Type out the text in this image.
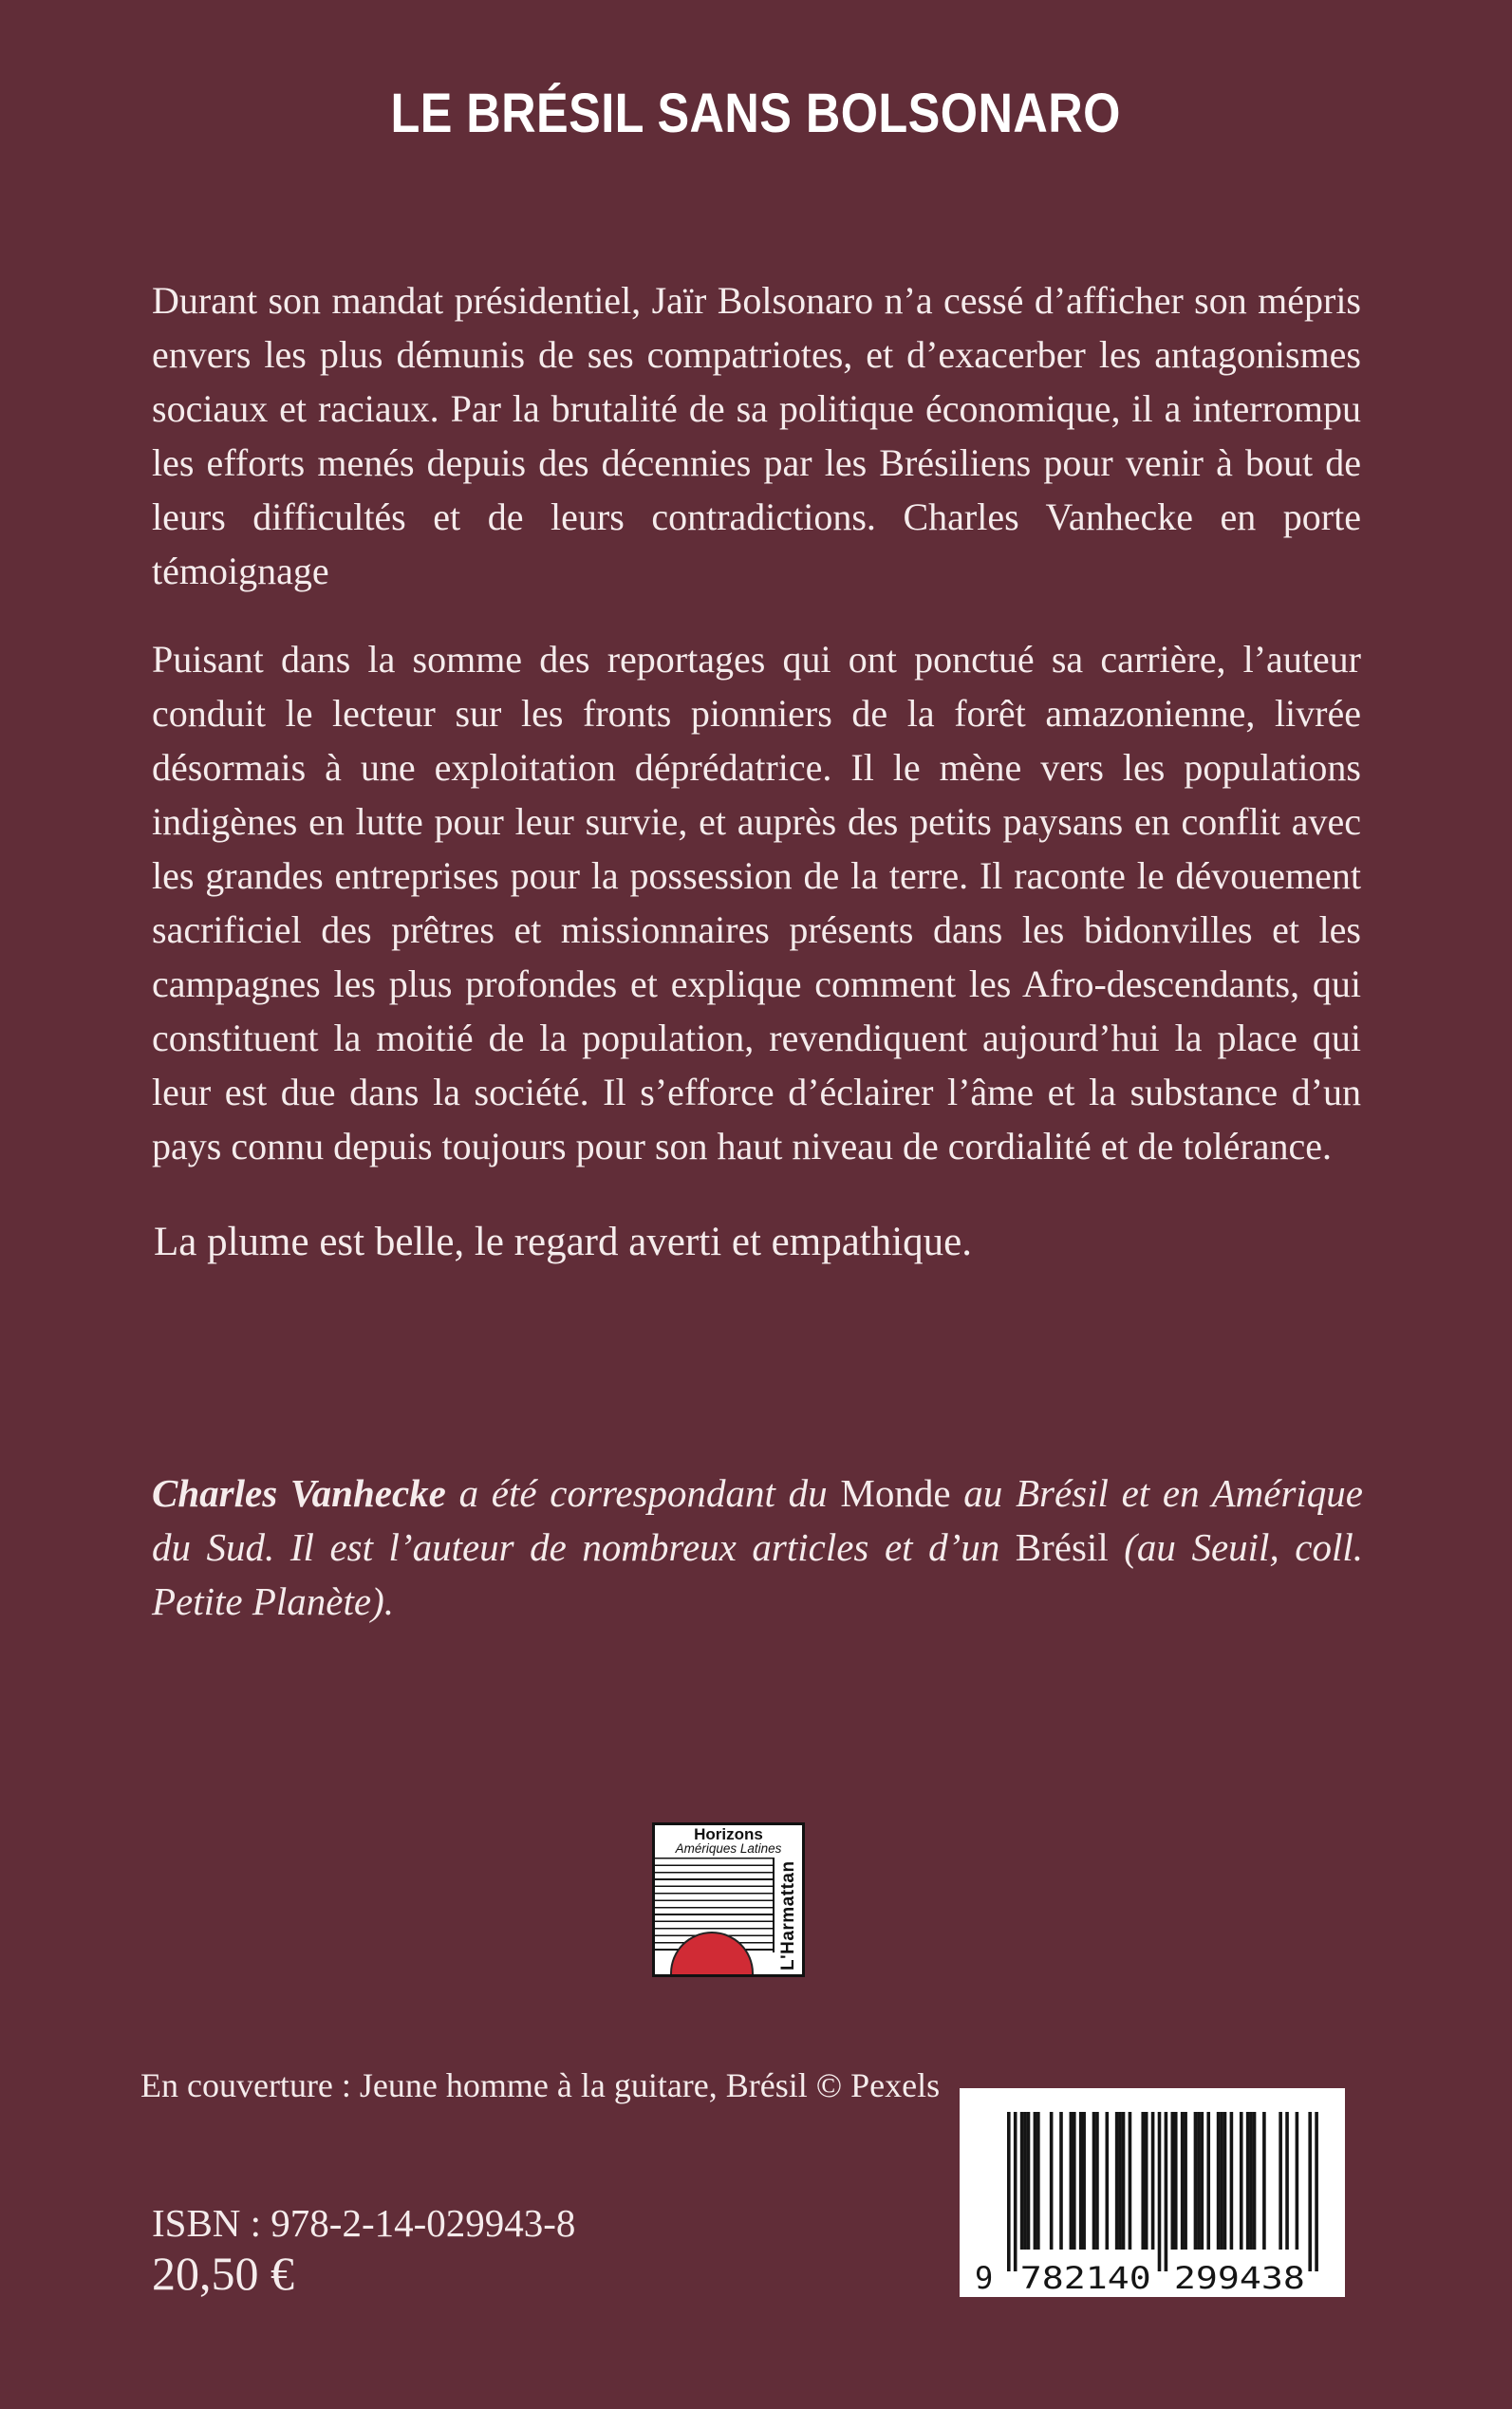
LE BRÉSIL SANS BOLSONARO

Durant son mandat présidentiel, Jaïr Bolsonaro n’a cessé d’afficher son mépris envers les plus démunis de ses compatriotes, et d’exacerber les antagonismes sociaux et raciaux. Par la brutalité de sa politique économique, il a interrompu les efforts menés depuis des décennies par les Brésiliens pour venir à bout de leurs difficultés et de leurs contradictions. Charles Vanhecke en porte témoignage

Puisant dans la somme des reportages qui ont ponctué sa carrière, l’auteur conduit le lecteur sur les fronts pionniers de la forêt amazonienne, livrée désormais à une exploitation déprédatrice. Il le mène vers les populations indigènes en lutte pour leur survie, et auprès des petits paysans en conflit avec les grandes entreprises pour la possession de la terre. Il raconte le dévouement sacrificiel des prêtres et missionnaires présents dans les bidonvilles et les campagnes les plus profondes et explique comment les Afro-descendants, qui constituent la moitié de la population, revendiquent aujourd’hui la place qui leur est due dans la société. Il s’efforce d’éclairer l’âme et la substance d’un pays connu depuis toujours pour son haut niveau de cordialité et de tolérance.

La plume est belle, le regard averti et empathique.

Charles Vanhecke a été correspondant du Monde au Brésil et en Amérique du Sud. Il est l’auteur de nombreux articles et d’un Brésil (au Seuil, coll. Petite Planète).

Horizons
Amériques Latines
L'Harmattan

En couverture : Jeune homme à la guitare, Brésil © Pexels

ISBN : 978-2-14-029943-8

20,50 €	9 782140 299438
